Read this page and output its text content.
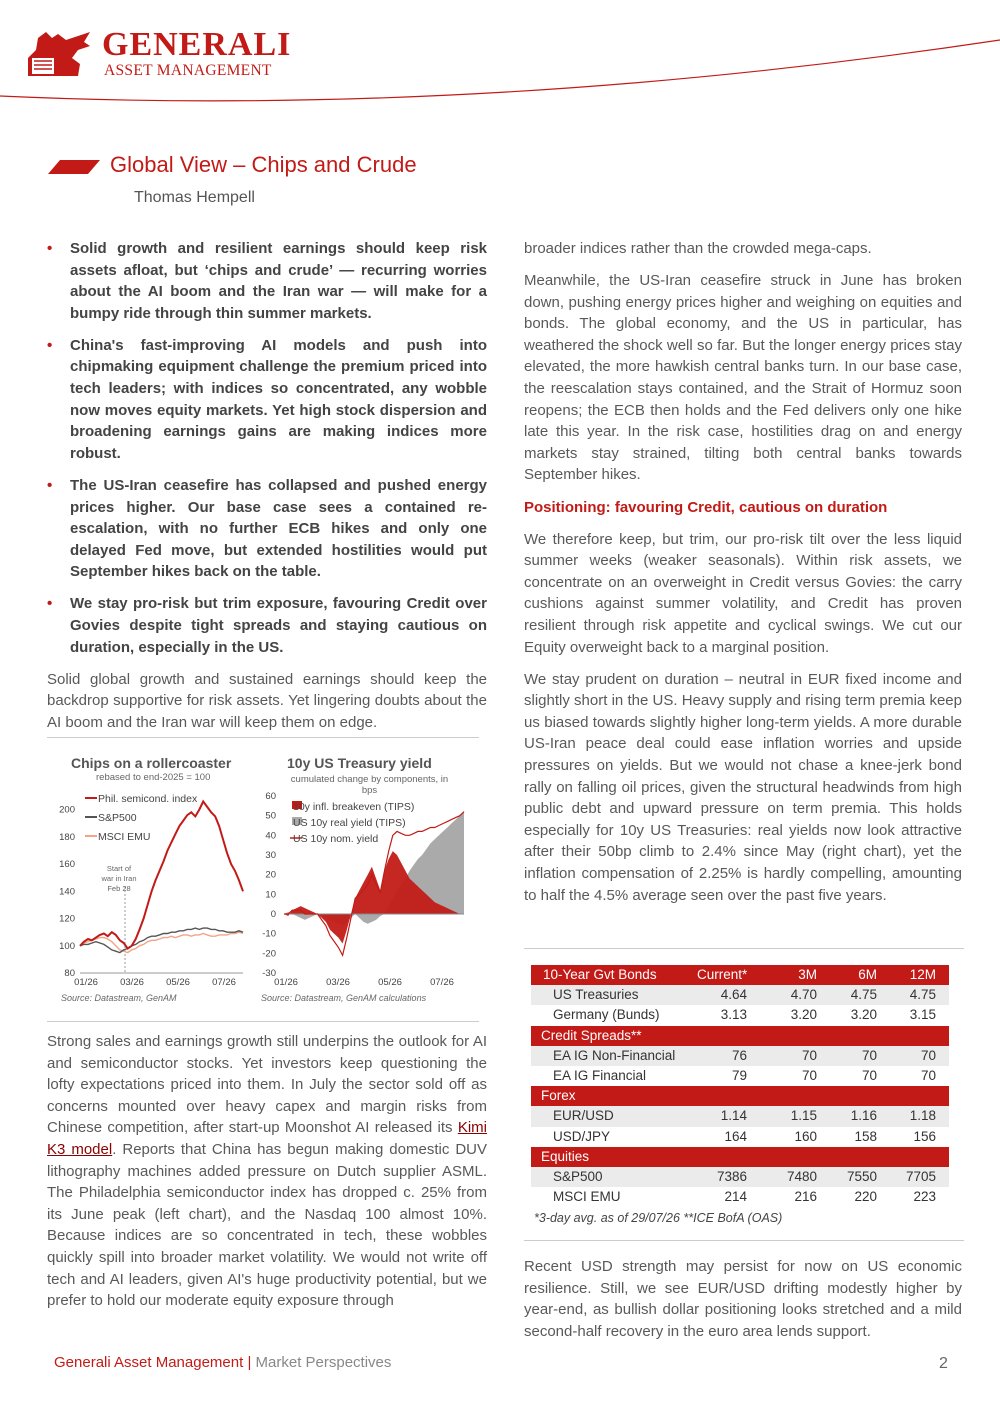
GENERALI
ASSET MANAGEMENT
Global View – Chips and Crude
Thomas Hempell
• Solid growth and resilient earnings should keep risk assets afloat, but ‘chips and crude’ — recurring worries about the AI boom and the Iran war — will make for a bumpy ride through thin summer markets.
• China's fast-improving AI models and push into chipmaking equipment challenge the premium priced into tech leaders; with indices so concentrated, any wobble now moves equity markets. Yet high stock dispersion and broadening earnings gains are making indices more robust.
• The US-Iran ceasefire has collapsed and pushed energy prices higher. Our base case sees a contained re-escalation, with no further ECB hikes and only one delayed Fed move, but extended hostilities would put September hikes back on the table.
• We stay pro-risk but trim exposure, favouring Credit over Govies despite tight spreads and staying cautious on duration, especially in the US.

Solid global growth and sustained earnings should keep the backdrop supportive for risk assets. Yet lingering doubts about the AI boom and the Iran war will keep them on edge.

Chips on a rollercoaster
rebased to end-2025 = 100
10y US Treasury yield
cumulated change by components, in bps
200
180
160
140
120
100
80
01/26 03/26 05/26 07/26
Start of
war in Iran
Feb 28
Phil. semicond. index
S&P500
MSCI EMU
60
50
40
30
20
10
0
-10
-20
-30
01/26	03/26	05/26	07/26
10y infl. breakeven (TIPS)
US 10y real yield (TIPS)
US 10y nom. yield
Source: Datastream, GenAM	Source: Datastream, GenAM calculations

Strong sales and earnings growth still underpins the outlook for AI and semiconductor stocks. Yet investors keep questioning the lofty expectations priced into them. In July the sector sold off as concerns mounted over heavy capex and margin risks from Chinese competition, after start-up Moonshot AI released its Kimi K3 model. Reports that China has begun making domestic DUV lithography machines added pressure on Dutch supplier ASML. The Philadelphia semiconductor index has dropped c. 25% from its June peak (left chart), and the Nasdaq 100 almost 10%. Because indices are so concentrated in tech, these wobbles quickly spill into broader market volatility. We would not write off tech and AI leaders, given AI's huge productivity potential, but we prefer to hold our moderate equity exposure through

broader indices rather than the crowded mega-caps.

Meanwhile, the US-Iran ceasefire struck in June has broken down, pushing energy prices higher and weighing on equities and bonds. The global economy, and the US in particular, has weathered the shock well so far. But the longer energy prices stay elevated, the more hawkish central banks turn. In our base case, the reescalation stays contained, and the Strait of Hormuz soon reopens; the ECB then holds and the Fed delivers only one hike late this year. In the risk case, hostilities drag on and energy markets stay strained, tilting both central banks towards September hikes.

Positioning: favouring Credit, cautious on duration

We therefore keep, but trim, our pro-risk tilt over the less liquid summer weeks (weaker seasonals). Within risk assets, we concentrate on an overweight in Credit versus Govies: the carry cushions against summer volatility, and Credit has proven resilient through risk appetite and cyclical swings. We cut our Equity overweight back to a marginal position.

We stay prudent on duration – neutral in EUR fixed income and slightly short in the US. Heavy supply and rising term premia keep us biased towards slightly higher long-term yields. A more durable US-Iran peace deal could ease inflation worries and upside pressures on yields. But we would not chase a knee-jerk bond rally on falling oil prices, given the structural headwinds from high public debt and upward pressure on term premia. This holds especially for 10y US Treasuries: real yields now look attractive after their 50bp climb to 2.4% since May (right chart), yet the inflation compensation of 2.25% is hardly compelling, amounting to half the 4.5% average seen over the past five years.

10-Year Gvt Bonds	Current*	3M	6M	12M
US Treasuries	4.64	4.70	4.75	4.75
Germany (Bunds)	3.13	3.20	3.20	3.15
Credit Spreads**
EA IG Non-Financial	76	70	70	70
EA IG Financial	79	70	70	70
Forex
EUR/USD	1.14	1.15	1.16	1.18
USD/JPY	164	160	158	156
Equities
S&P500	7386	7480	7550	7705
MSCI EMU	214	216	220	223
*3-day avg. as of 29/07/26 **ICE BofA (OAS)

Recent USD strength may persist for now on US economic resilience. Still, we see EUR/USD drifting modestly higher by year-end, as bullish dollar positioning looks stretched and a mild second-half recovery in the euro area lends support.

Generali Asset Management | Market Perspectives	2
